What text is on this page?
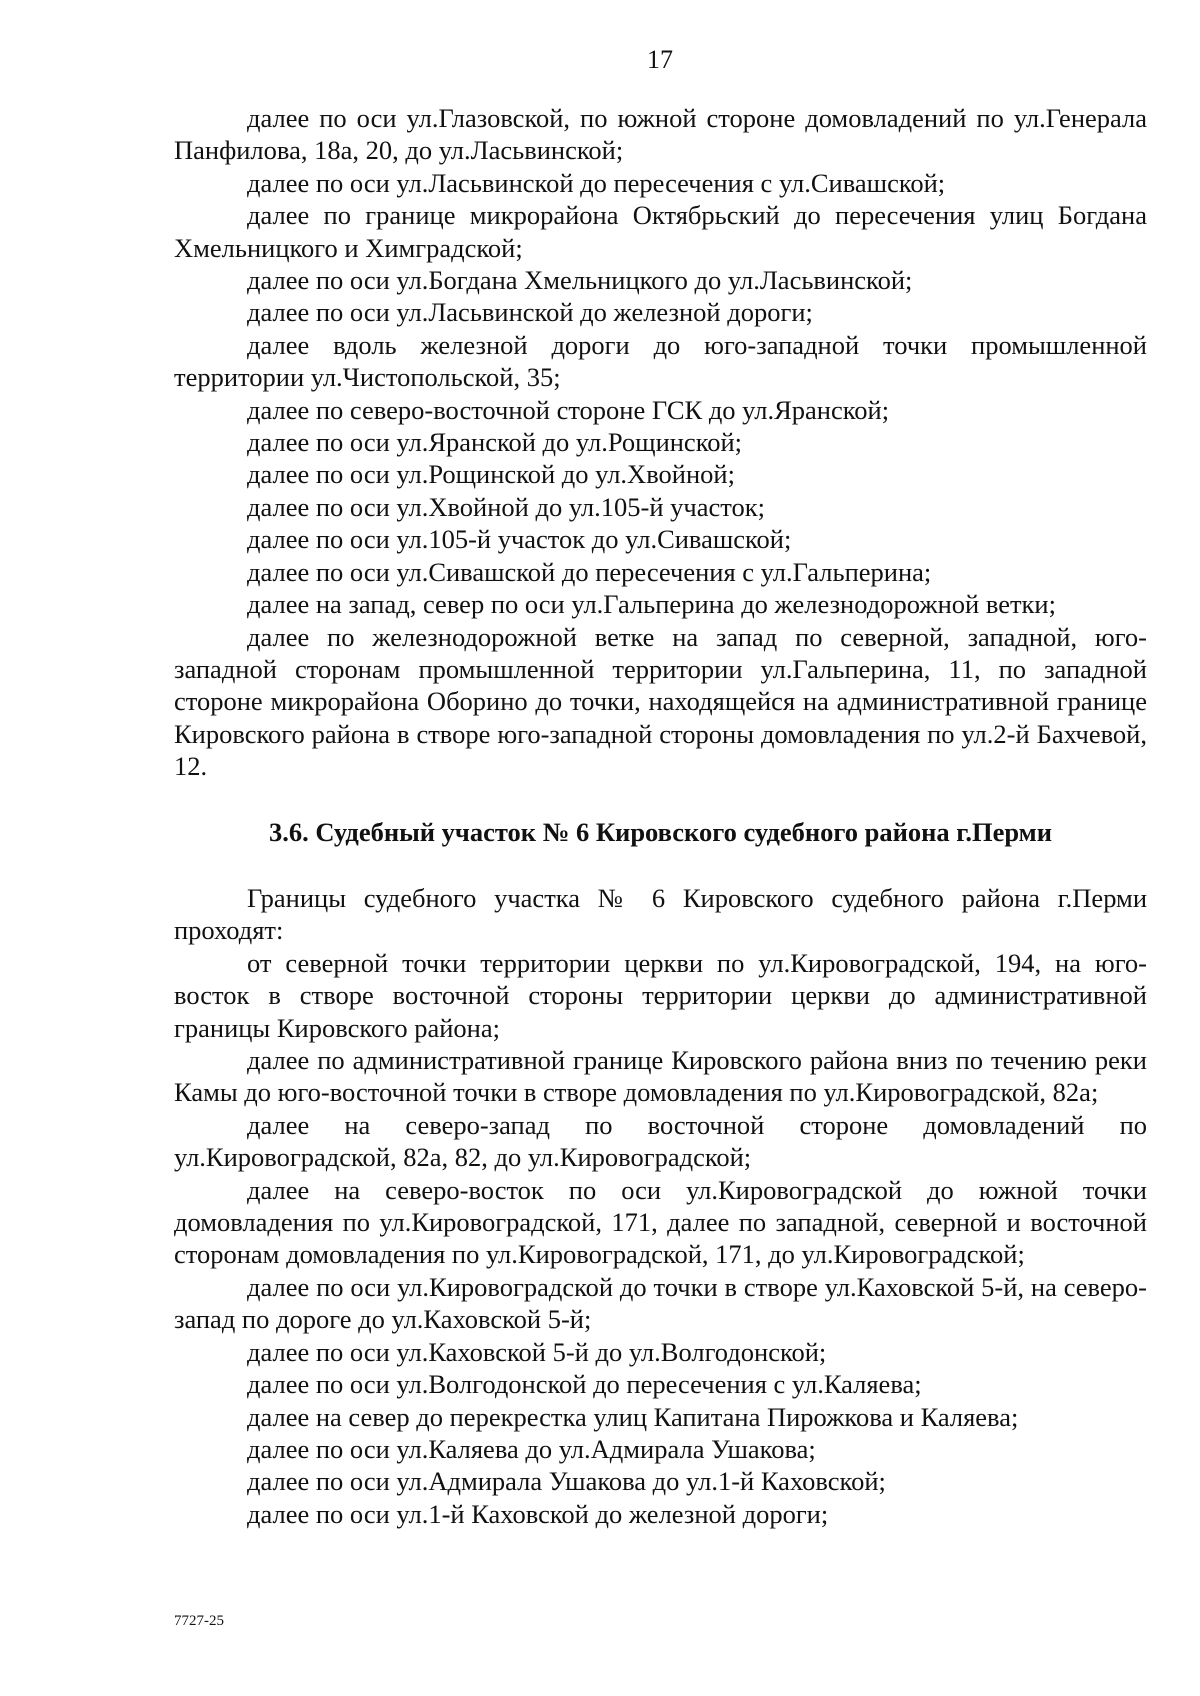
17

далее по оси ул.Глазовской, по южной стороне домовладений по ул.Генерала Панфилова, 18а, 20, до ул.Ласьвинской;

далее по оси ул.Ласьвинской до пересечения с ул.Сивашской;

далее по границе микрорайона Октябрьский до пересечения улиц Богдана Хмельницкого и Химградской;

далее по оси ул.Богдана Хмельницкого до ул.Ласьвинской;

далее по оси ул.Ласьвинской до железной дороги;

далее вдоль железной дороги до юго-западной точки промышленной территории ул.Чистопольской, 35;

далее по северо-восточной стороне ГСК до ул.Яранской;

далее по оси ул.Яранской до ул.Рощинской;

далее по оси ул.Рощинской до ул.Хвойной;

далее по оси ул.Хвойной до ул.105-й участок;

далее по оси ул.105-й участок до ул.Сивашской;

далее по оси ул.Сивашской до пересечения с ул.Гальперина;

далее на запад, север по оси ул.Гальперина до железнодорожной ветки;

далее по железнодорожной ветке на запад по северной, западной, юго-западной сторонам промышленной территории ул.Гальперина, 11, по западной стороне микрорайона Оборино до точки, находящейся на административной границе Кировского района в створе юго-западной стороны домовладения по ул.2-й Бахчевой, 12.

3.6. Судебный участок № 6 Кировского судебного района г.Перми

Границы судебного участка № 6 Кировского судебного района г.Перми проходят:

от северной точки территории церкви по ул.Кировоградской, 194, на юго-восток в створе восточной стороны территории церкви до административной границы Кировского района;

далее по административной границе Кировского района вниз по течению реки Камы до юго-восточной точки в створе домовладения по ул.Кировоградской, 82а;

далее на северо-запад по восточной стороне домовладений по ул.Кировоградской, 82а, 82, до ул.Кировоградской;

далее на северо-восток по оси ул.Кировоградской до южной точки домовладения по ул.Кировоградской, 171, далее по западной, северной и восточной сторонам домовладения по ул.Кировоградской, 171, до ул.Кировоградской;

далее по оси ул.Кировоградской до точки в створе ул.Каховской 5-й, на северо-запад по дороге до ул.Каховской 5-й;

далее по оси ул.Каховской 5-й до ул.Волгодонской;

далее по оси ул.Волгодонской до пересечения с ул.Каляева;

далее на север до перекрестка улиц Капитана Пирожкова и Каляева;

далее по оси ул.Каляева до ул.Адмирала Ушакова;

далее по оси ул.Адмирала Ушакова до ул.1-й Каховской;

далее по оси ул.1-й Каховской до железной дороги;

7727-25
